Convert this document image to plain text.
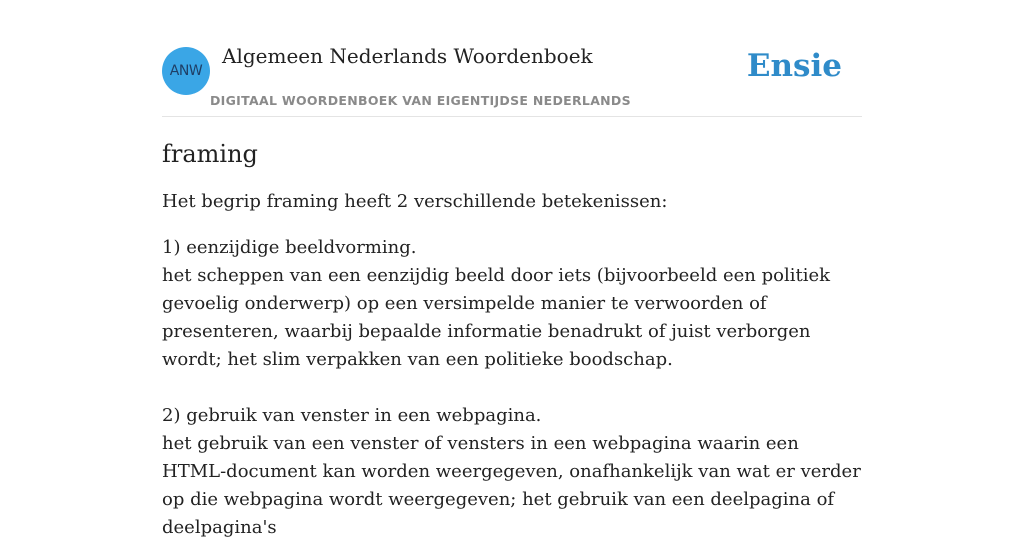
ANW
Algemeen Nederlands Woordenboek
DIGITAAL WOORDENBOEK VAN EIGENTIJDSE NEDERLANDS
Ensie
framing

Het begrip framing heeft 2 verschillende betekenissen:

1) eenzijdige beeldvorming.

het scheppen van een eenzijdig beeld door iets (bijvoorbeeld een politiek gevoelig onderwerp) op een versimpelde manier te verwoorden of presenteren, waarbij bepaalde informatie benadrukt of juist verborgen wordt; het slim verpakken van een politieke boodschap.

2) gebruik van venster in een webpagina.

het gebruik van een venster of vensters in een webpagina waarin een HTML-document kan worden weergegeven, onafhankelijk van wat er verder op die webpagina wordt weergegeven; het gebruik van een deelpagina of deelpagina's
